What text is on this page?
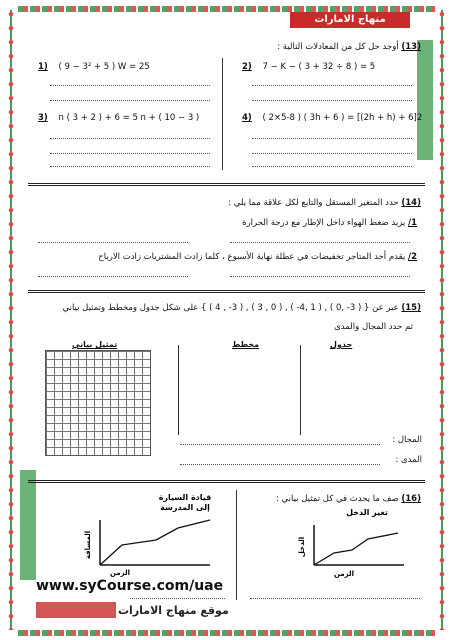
منهاج الامارات
(13) أوجد حل كل من المعادلات التالية :
1) ( 9 − 3² + 5 ) W = 25	2) 7 − K − ( 3 + 32 ÷ 8 ) = 5
3) n ( 3 + 2 ) + 6 = 5 n + ( 10 − 3 )	4) ( 2×5-8 ) ( 3h + 6 ) = [(2h + h) + 6]2
(14) حدد المتغير المستقل والتابع لكل علاقة مما يلي :
1/ يزيد ضغط الهواء داخل الإطار مع درجة الحرارة
2/ يقدم أحد المتاجر تخفيضات في عطلة نهاية الأسبوع ، كلما زادت المشتريات زادت الارباح
(15) عبر عن { ( 3- ,0 ) , ( 1 ,4- ) , ( 0 , 3 ) , ( 3- , 4 ) } على شكل جدول ومخطط وتمثيل بياني
ثم حدد المجال والمدى
جدول
مخطط
تمثيل بياني
المجال :
المدى :
(16) صف ما يحدث في كل تمثيل بياني :
قيادة السيارة
إلى المدرسة
المسافة
الزمن
تغير الدخل
الدخل
الزمن
www.syCourse.com/uae
موقع منهاج الامارات
